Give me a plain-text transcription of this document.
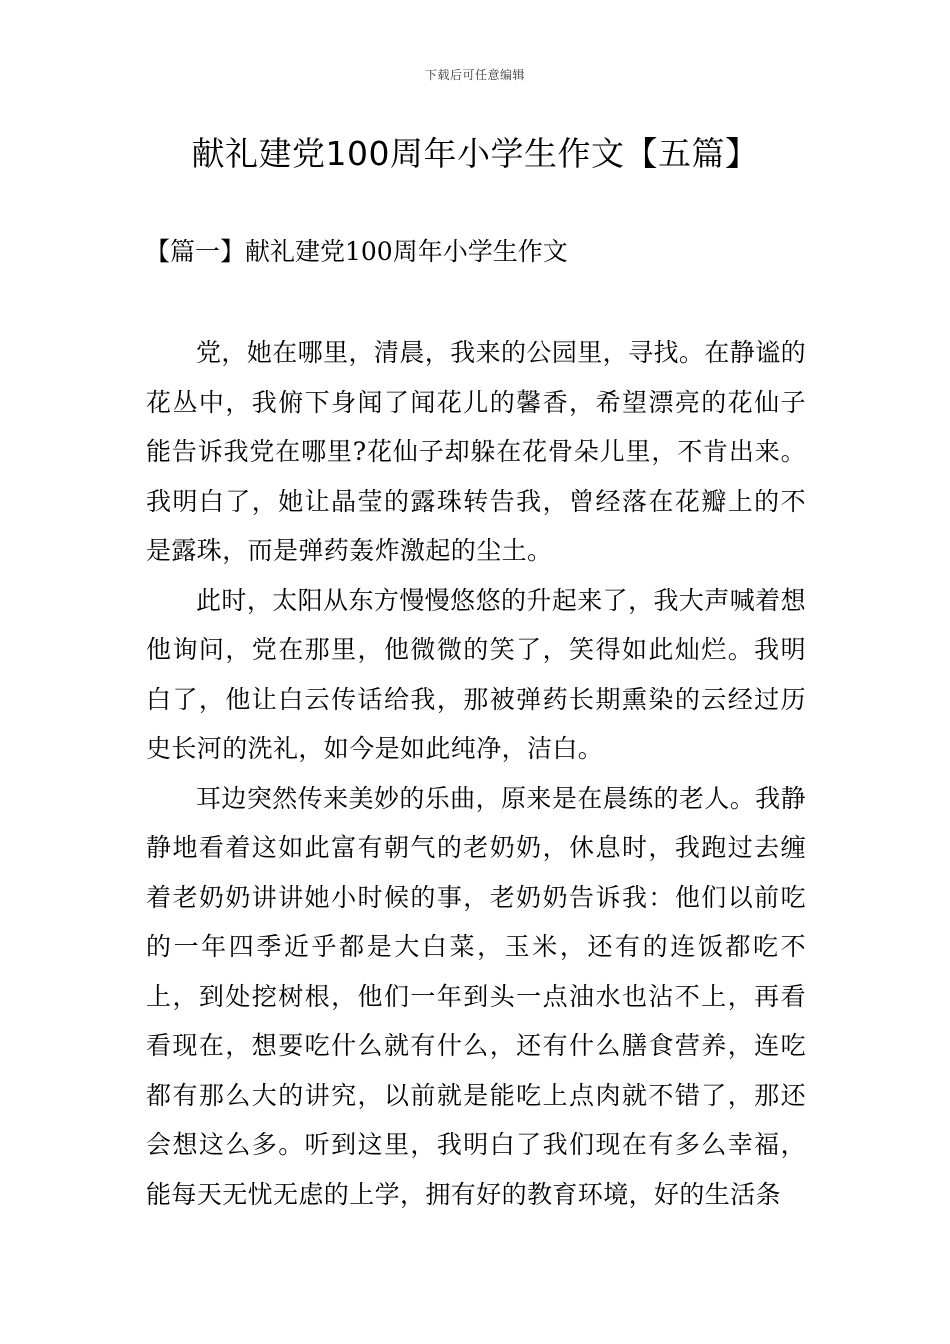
下载后可任意编辑
献礼建党100周年小学生作文【五篇】
【篇一】献礼建党100周年小学生作文

党，她在哪里，清晨，我来的公园里，寻找。在静谧的花丛中，我俯下身闻了闻花儿的馨香，希望漂亮的花仙子能告诉我党在哪里?花仙子却躲在花骨朵儿里，不肯出来。我明白了，她让晶莹的露珠转告我，曾经落在花瓣上的不是露珠，而是弹药轰炸激起的尘土。

此时，太阳从东方慢慢悠悠的升起来了，我大声喊着想他询问，党在那里，他微微的笑了，笑得如此灿烂。我明白了，他让白云传话给我，那被弹药长期熏染的云经过历史长河的洗礼，如今是如此纯净，洁白。

耳边突然传来美妙的乐曲，原来是在晨练的老人。我静静地看着这如此富有朝气的老奶奶，休息时，我跑过去缠着老奶奶讲讲她小时候的事，老奶奶告诉我：他们以前吃的一年四季近乎都是大白菜，玉米，还有的连饭都吃不上，到处挖树根，他们一年到头一点油水也沾不上，再看看现在，想要吃什么就有什么，还有什么膳食营养，连吃都有那么大的讲究，以前就是能吃上点肉就不错了，那还会想这么多。听到这里，我明白了我们现在有多么幸福，能每天无忧无虑的上学，拥有好的教育环境，好的生活条
